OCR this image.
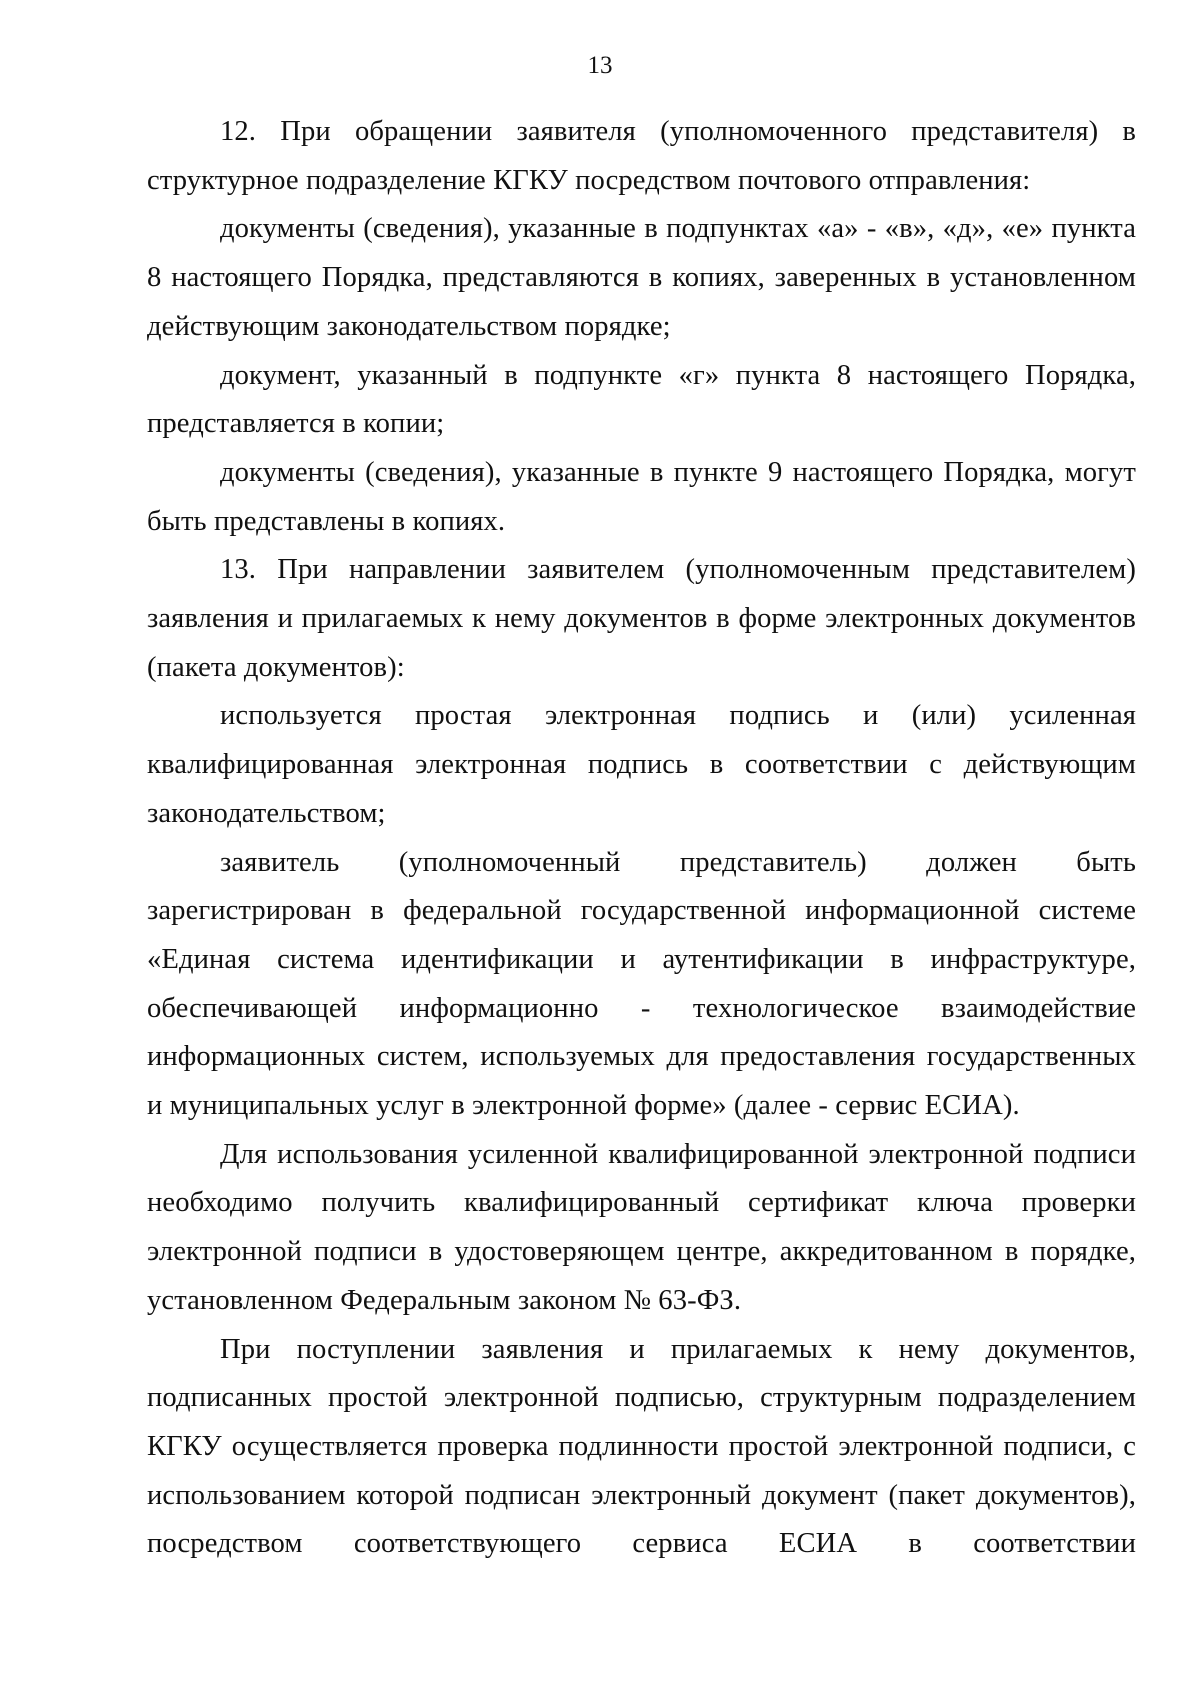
13

12. При обращении заявителя (уполномоченного представителя) в структурное подразделение КГКУ посредством почтового отправления:

документы (сведения), указанные в подпунктах «а» - «в», «д», «е» пункта 8 настоящего Порядка, представляются в копиях, заверенных в установленном действующим законодательством порядке;

документ, указанный в подпункте «г» пункта 8 настоящего Порядка, представляется в копии;

документы (сведения), указанные в пункте 9 настоящего Порядка, могут быть представлены в копиях.

13. При направлении заявителем (уполномоченным представителем) заявления и прилагаемых к нему документов в форме электронных документов (пакета документов):

используется простая электронная подпись и (или) усиленная квалифицированная электронная подпись в соответствии с действующим законодательством;

заявитель (уполномоченный представитель) должен быть зарегистрирован в федеральной государственной информационной системе «Единая система идентификации и аутентификации в инфраструктуре, обеспечивающей информационно - технологическое взаимодействие информационных систем, используемых для предоставления государственных и муниципальных услуг в электронной форме» (далее - сервис ЕСИА).

Для использования усиленной квалифицированной электронной подписи необходимо получить квалифицированный сертификат ключа проверки электронной подписи в удостоверяющем центре, аккредитованном в порядке, установленном Федеральным законом № 63-ФЗ.

При поступлении заявления и прилагаемых к нему документов, подписанных простой электронной подписью, структурным подразделением КГКУ осуществляется проверка подлинности простой электронной подписи, с использованием которой подписан электронный документ (пакет документов), посредством соответствующего сервиса ЕСИА в соответствии
